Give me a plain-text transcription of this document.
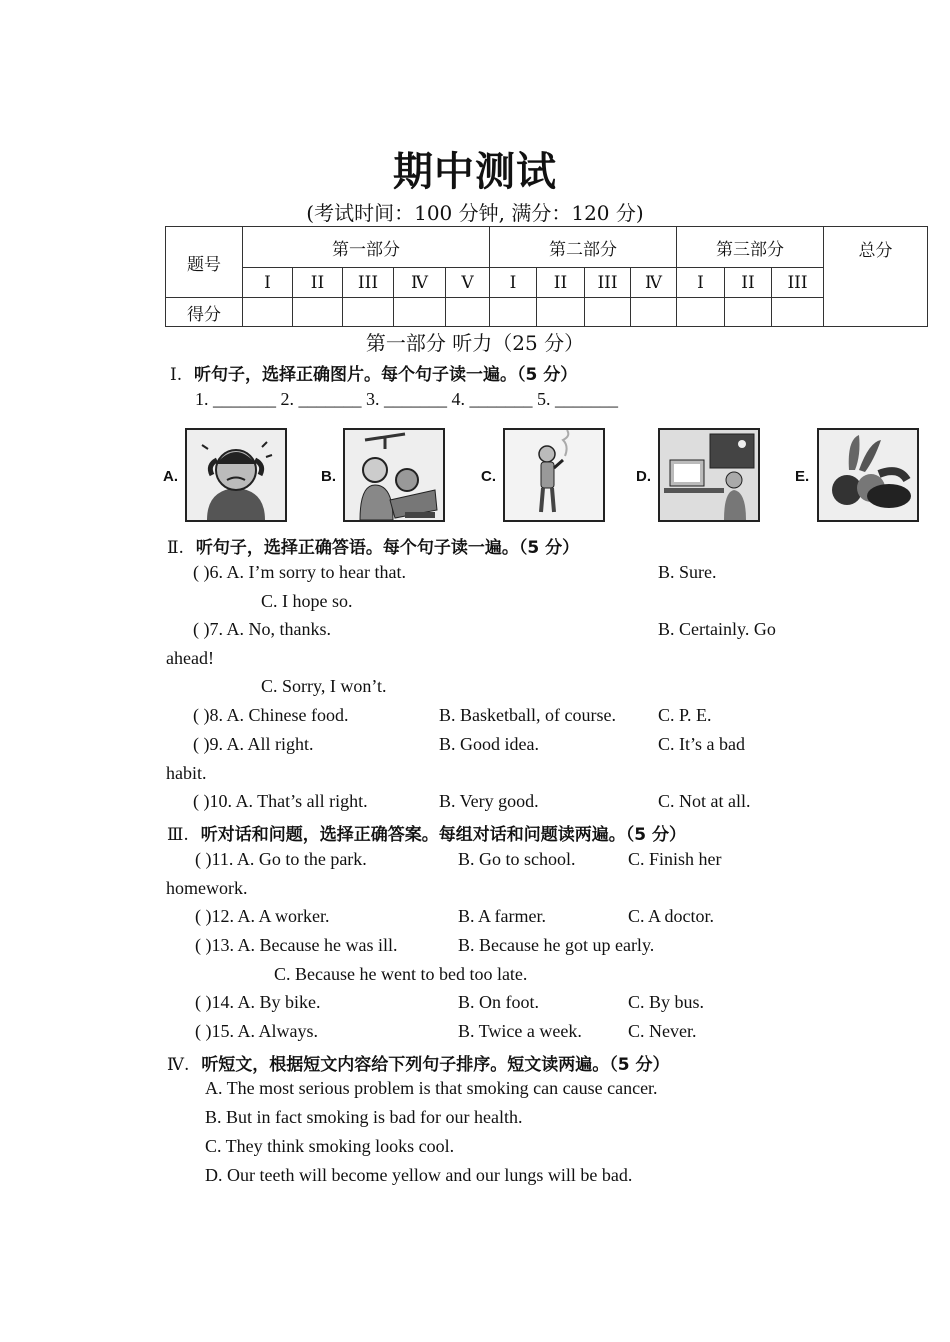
期中测试
(考试时间：100 分钟, 满分：120 分)
题号	第一部分					第二部分				第三部分			总分
	I	II	III	Ⅳ	Ⅴ	I	II	III	Ⅳ	I	II	III	
得分													
第一部分 听力（25 分）
Ⅰ. 听句子，选择正确图片。每个句子读一遍。（5 分）
1. _______ 2. _______ 3. _______ 4. _______ 5. _______
A.	B.	C.	D.	E.
Ⅱ. 听句子，选择正确答语。每个句子读一遍。（5 分）
( )6. A. I’m sorry to hear that.	B. Sure.
C. I hope so.
( )7. A. No, thanks.	B. Certainly. Go
ahead!
C. Sorry, I won’t.
( )8. A. Chinese food.	B. Basketball, of course. C. P. E.
( )9. A. All right.	B. Good idea.	C. It’s a bad
habit.
( )10. A. That’s all right.	B. Very good.	C. Not at all.
Ⅲ. 听对话和问题，选择正确答案。每组对话和问题读两遍。（5 分）
( )11. A. Go to the park.	B. Go to school.	C. Finish her
homework.
( )12. A. A worker.	B. A farmer.	C. A doctor.
( )13. A. Because he was ill.	B. Because he got up early.
C. Because he went to bed too late.
( )14. A. By bike.	B. On foot.	C. By bus.
( )15. A. Always.	B. Twice a week.	C. Never.
Ⅳ. 听短文，根据短文内容给下列句子排序。短文读两遍。（5 分）
A. The most serious problem is that smoking can cause cancer.
B. But in fact smoking is bad for our health.
C. They think smoking looks cool.
D. Our teeth will become yellow and our lungs will be bad.
